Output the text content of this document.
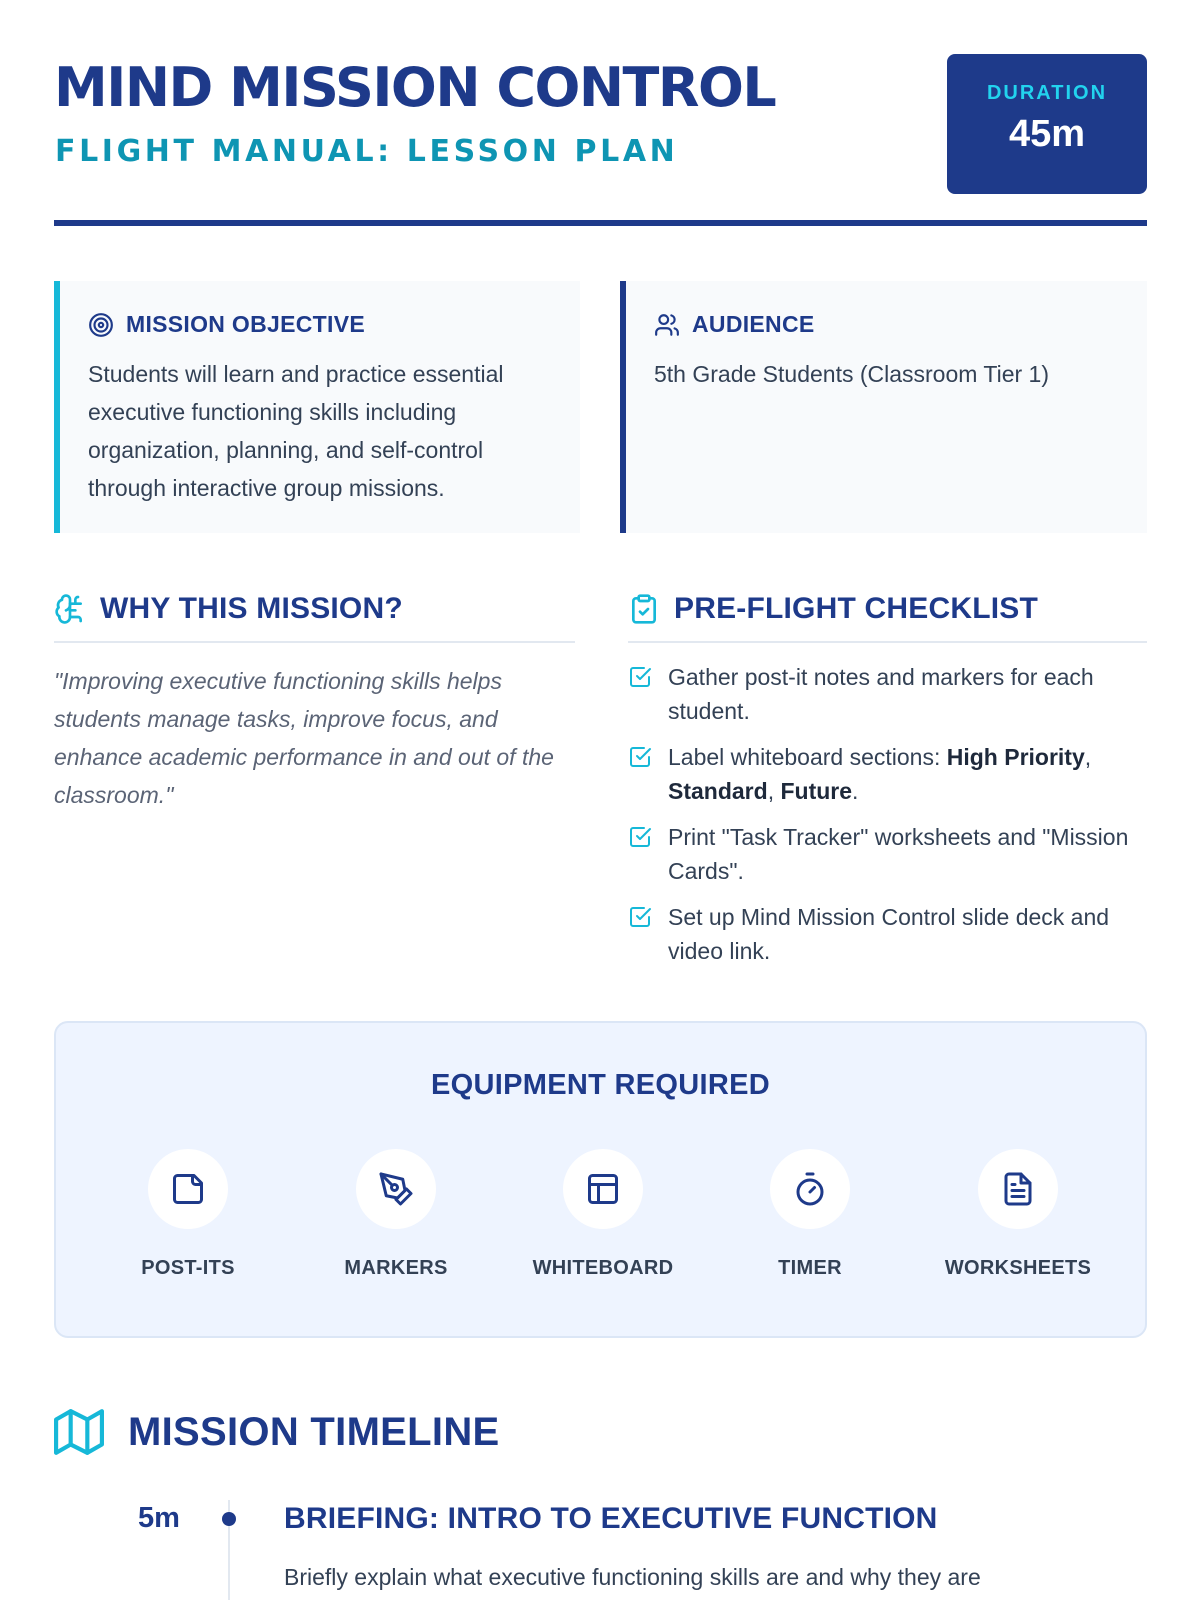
MIND MISSION CONTROL
FLIGHT MANUAL: LESSON PLAN
DURATION
45m
MISSION OBJECTIVE

Students will learn and practice essential executive functioning skills including organization, planning, and self-control through interactive group missions.

AUDIENCE

5th Grade Students (Classroom Tier 1)

WHY THIS MISSION?

"Improving executive functioning skills helps students manage tasks, improve focus, and enhance academic performance in and out of the classroom."

PRE-FLIGHT CHECKLIST
Gather post-it notes and markers for each student.
Label whiteboard sections: High Priority, Standard, Future.
Print "Task Tracker" worksheets and "Mission Cards".
Set up Mind Mission Control slide deck and video link.
EQUIPMENT REQUIRED
POST-ITS	MARKERS	WHITEBOARD	TIMER	WORKSHEETS
MISSION TIMELINE
5m	BRIEFING: INTRO TO EXECUTIVE FUNCTION
Briefly explain what executive functioning skills are and why they are
